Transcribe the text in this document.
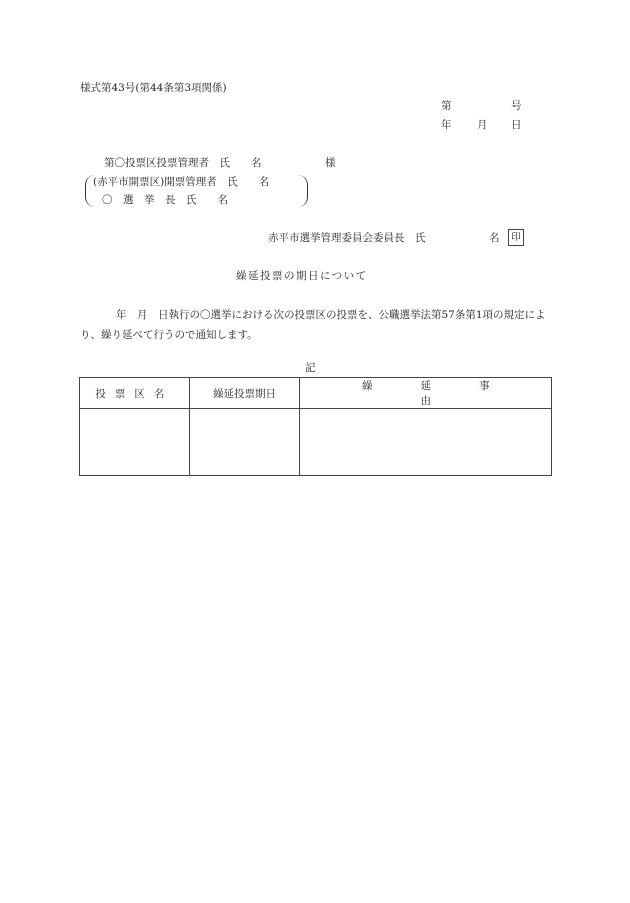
様式第43号(第44条第3項関係)
第	号
年 月 日
第〇投票区投票管理者　氏　　名	様
(赤平市開票区)開票管理者　氏　　名
〇　選　挙　長　氏　　名
赤平市選挙管理委員会委員長　氏	名	印
繰延投票の期日について
年　月　日執行の〇選挙における次の投票区の投票を、公職選挙法第57条第1項の規定により、繰り延べて行うので通知します。
記
投票区名	繰延投票期日	繰延事由
